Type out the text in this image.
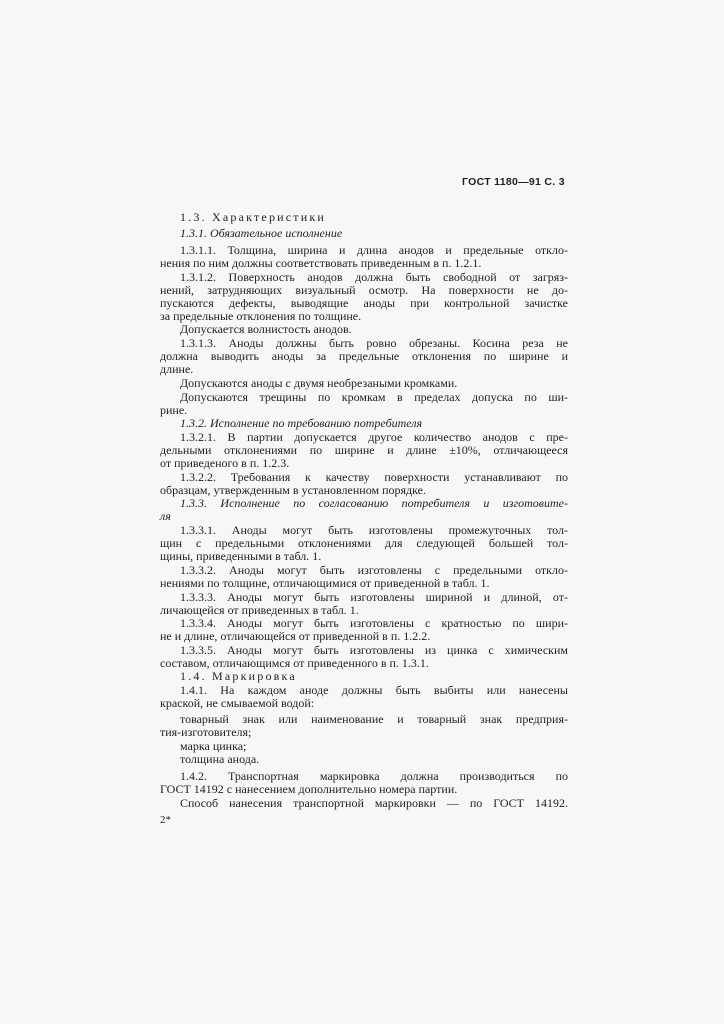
ГОСТ 1180—91 С. 3
1.3. Характеристики
1.3.1. Обязательное исполнение
1.3.1.1. Толщина, ширина и длина анодов и предельные откло-
нения по ним должны соответствовать приведенным в п. 1.2.1.
1.3.1.2. Поверхность анодов должна быть свободной от загряз-
нений, затрудняющих визуальный осмотр. На поверхности не до-
пускаются дефекты, выводящие аноды при контрольной зачистке
за предельные отклонения по толщине.
Допускается волнистость анодов.
1.3.1.3. Аноды должны быть ровно обрезаны. Косина реза не
должна выводить аноды за предельные отклонения по ширине и
длине.
Допускаются аноды с двумя необрезаными кромками.
Допускаются трещины по кромкам в пределах допуска по ши-
рине.
1.3.2. Исполнение по требованию потребителя
1.3.2.1. В партии допускается другое количество анодов с пре-
дельными отклонениями по ширине и длине ±10%, отличающееся
от приведеного в п. 1.2.3.
1.3.2.2. Требования к качеству поверхности устанавливают по
образцам, утвержденным в установленном порядке.
1.3.3. Исполнение по согласованию потребителя и изготовите-
ля
1.3.3.1. Аноды могут быть изготовлены промежуточных тол-
щин с предельными отклонениями для следующей большей тол-
щины, приведенными в табл. 1.
1.3.3.2. Аноды могут быть изготовлены с предельными откло-
нениями по толщине, отличающимися от приведенной в табл. 1.
1.3.3.3. Аноды могут быть изготовлены шириной и длиной, от-
личающейся от приведенных в табл. 1.
1.3.3.4. Аноды могут быть изготовлены с кратностью по шири-
не и длине, отличающейся от приведенной в п. 1.2.2.
1.3.3.5. Аноды могут быть изготовлены из цинка с химическим
составом, отличающимся от приведенного в п. 1.3.1.
1.4. Маркировка
1.4.1. На каждом аноде должны быть выбиты или нанесены
краской, не смываемой водой:
товарный знак или наименование и товарный знак предприя-
тия-изготовителя;
марка цинка;
толщина анода.
1.4.2. Транспортная маркировка должна производиться по
ГОСТ 14192 с нанесением дополнительно номера партии.
Способ нанесения транспортной маркировки — по ГОСТ 14192.
2*
